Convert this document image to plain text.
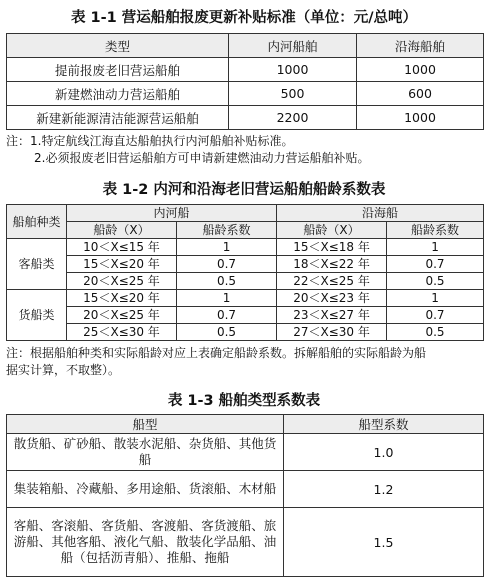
表 1-1 营运船舶报废更新补贴标准（单位：元/总吨）
类型	内河船舶	沿海船舶
提前报废老旧营运船舶	1000	1000
新建燃油动力营运船舶	500	600
新建新能源清洁能源营运船舶	2200	1000
注：1.特定航线江海直达船舶执行内河船舶补贴标准。
2.必须报废老旧营运船舶方可申请新建燃油动力营运船舶补贴。
表 1-2 内河和沿海老旧营运船舶船龄系数表
船舶种类	内河船		沿海船	
	船龄（X）	船龄系数	船龄（X）	船龄系数
客船类	10＜X≤15 年	1	15＜X≤18 年	1
	15＜X≤20 年	0.7	18＜X≤22 年	0.7
	20＜X≤25 年	0.5	22＜X≤25 年	0.5
货船类	15＜X≤20 年	1	20＜X≤23 年	1
	20＜X≤25 年	0.7	23＜X≤27 年	0.7
	25＜X≤30 年	0.5	27＜X≤30 年	0.5
注：根据船舶种类和实际船龄对应上表确定船龄系数。拆解船舶的实际船龄为船
据实计算，不取整）。
表 1-3 船舶类型系数表
船型	船型系数
散货船、矿砂船、散装水泥船、杂货船、其他货船	1.0
集装箱船、冷藏船、多用途船、货滚船、木材船	1.2
客船、客滚船、客货船、客渡船、客货渡船、旅游船、其他客船、液化气船、散装化学品船、油船（包括沥青船）、推船、拖船	1.5
